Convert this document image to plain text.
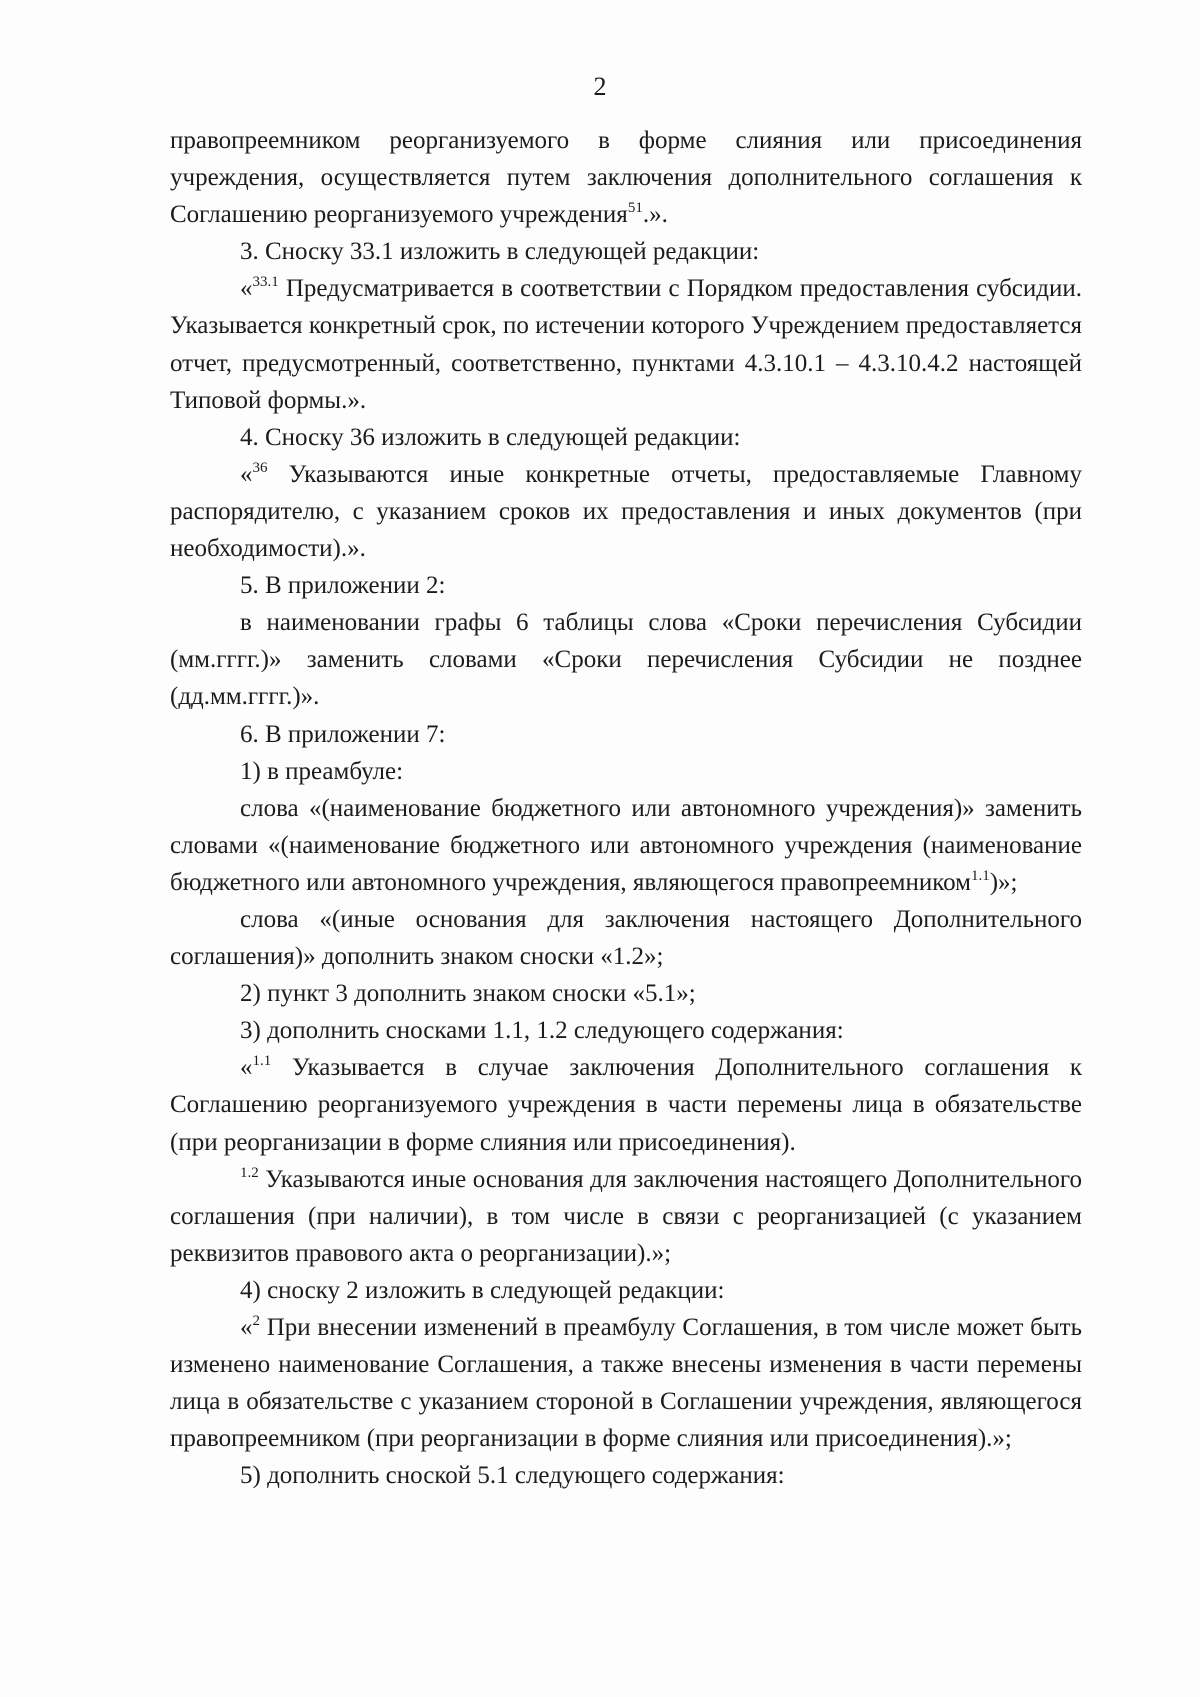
2

правопреемником реорганизуемого в форме слияния или присоединения учреждения, осуществляется путем заключения дополнительного соглашения к Соглашению реорганизуемого учреждения$^{51}$.».

3. Сноску 33.1 изложить в следующей редакции:

«$^{33.1}$ Предусматривается в соответствии с Порядком предоставления субсидии. Указывается конкретный срок, по истечении которого Учреждением предоставляется отчет, предусмотренный, соответственно, пунктами 4.3.10.1 – 4.3.10.4.2 настоящей Типовой формы.».

4. Сноску 36 изложить в следующей редакции:

«$^{36}$ Указываются иные конкретные отчеты, предоставляемые Главному распорядителю, с указанием сроков их предоставления и иных документов (при необходимости).».

5. В приложении 2:

в наименовании графы 6 таблицы слова «Сроки перечисления Субсидии (мм.гггг.)» заменить словами «Сроки перечисления Субсидии не позднее (дд.мм.гггг.)».

6. В приложении 7:

1) в преамбуле:

слова «(наименование бюджетного или автономного учреждения)» заменить словами «(наименование бюджетного или автономного учреждения (наименование бюджетного или автономного учреждения, являющегося правопреемником$^{1.1}$)»;

слова «(иные основания для заключения настоящего Дополнительного соглашения)» дополнить знаком сноски «1.2»;

2) пункт 3 дополнить знаком сноски «5.1»;

3) дополнить сносками 1.1, 1.2 следующего содержания:

«$^{1.1}$ Указывается в случае заключения Дополнительного соглашения к Соглашению реорганизуемого учреждения в части перемены лица в обязательстве (при реорганизации в форме слияния или присоединения).

$^{1.2}$ Указываются иные основания для заключения настоящего Дополнительного соглашения (при наличии), в том числе в связи с реорганизацией (с указанием реквизитов правового акта о реорганизации).»;

4) сноску 2 изложить в следующей редакции:

«$^2$ При внесении изменений в преамбулу Соглашения, в том числе может быть изменено наименование Соглашения, а также внесены изменения в части перемены лица в обязательстве с указанием стороной в Соглашении учреждения, являющегося правопреемником (при реорганизации в форме слияния или присоединения).»;

5) дополнить сноской 5.1 следующего содержания:
